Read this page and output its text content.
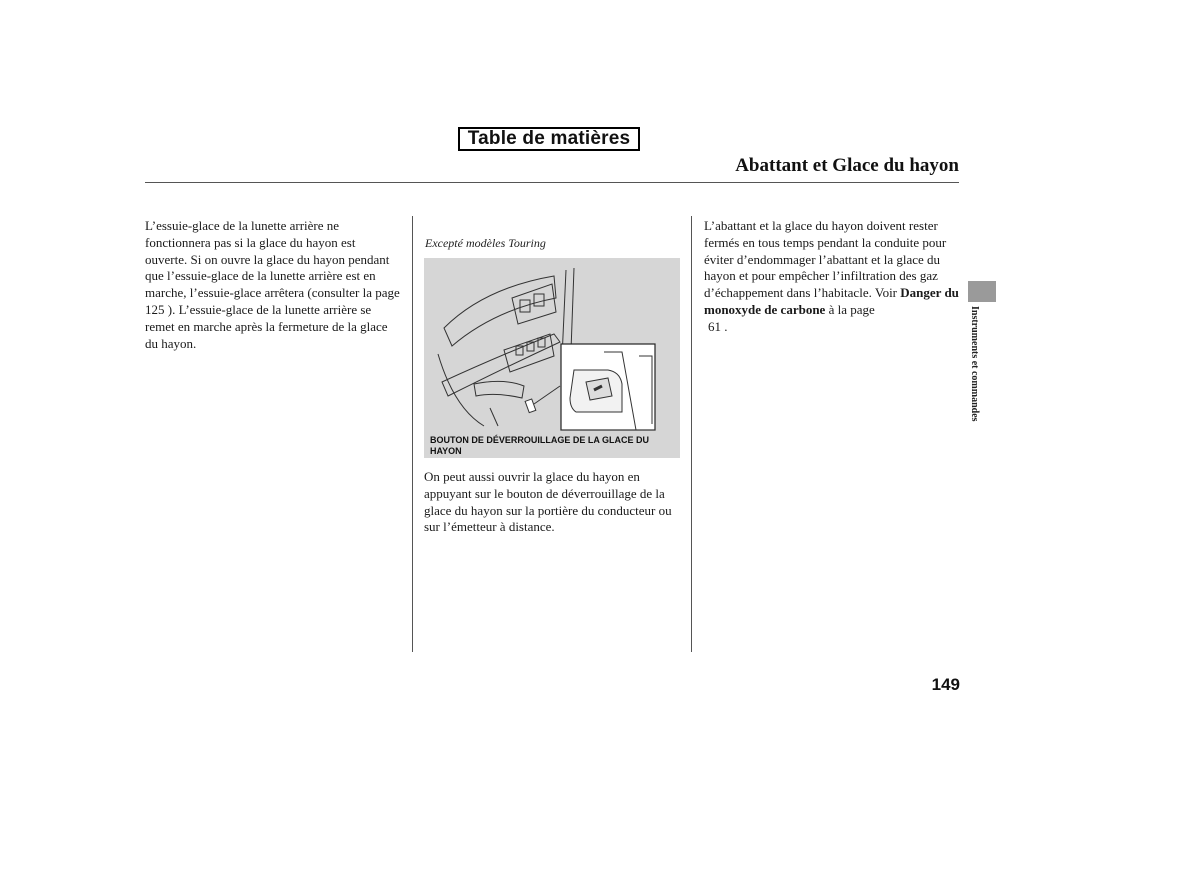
Table de matières
Abattant et Glace du hayon
L’essuie-glace de la lunette arrière ne fonctionnera pas si la glace du hayon est ouverte. Si on ouvre la glace du hayon pendant que l’essuie-glace de la lunette arrière est en marche, l’essuie-glace arrêtera (consulter la page 125 ). L’essuie-glace de la lunette arrière se remet en marche après la fermeture de la glace du hayon.
Excepté modèles Touring
BOUTON DE DÉVERROUILLAGE DE LA GLACE DU HAYON
On peut aussi ouvrir la glace du hayon en appuyant sur le bouton de déverrouillage de la glace du hayon sur la portière du conducteur ou sur l’émetteur à distance.
L’abattant et la glace du hayon doivent rester fermés en tous temps pendant la conduite pour éviter d’endommager l’abattant et la glace du hayon et pour empêcher l’infiltration des gaz d’échappement dans l’habitacle. Voir Danger du monoxyde de carbone à la page
61 .	Instruments et commandes
149
